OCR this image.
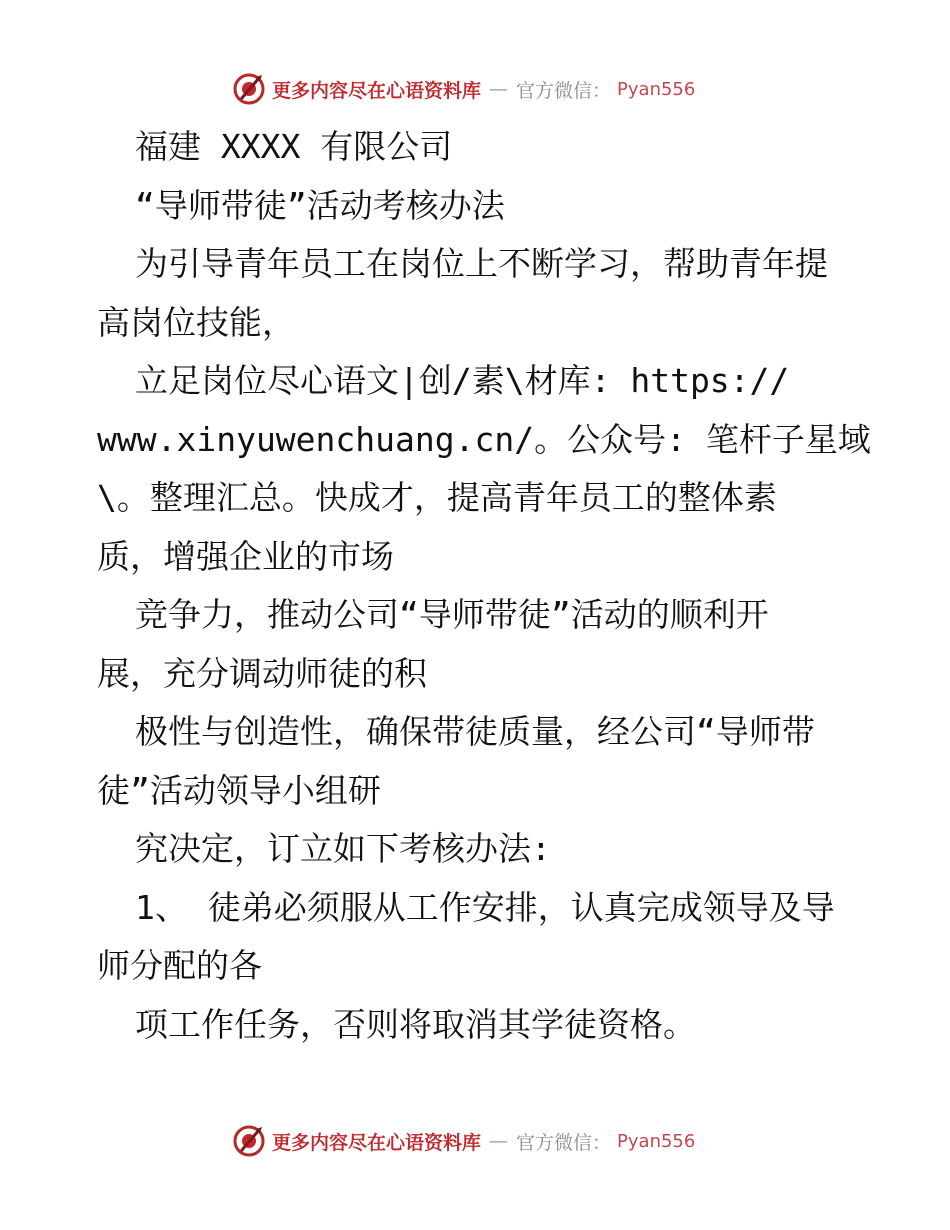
更多内容尽在心语资料库 — 官方微信： Pyan556
福建 XXXX 有限公司
“导师带徒”活动考核办法
为引导青年员工在岗位上不断学习，帮助青年提
高岗位技能，
立足岗位尽心语文|创/素\材库: https://
www.xinyuwenchuang.cn/。公众号: 笔杆子星域
\。整理汇总。快成才，提高青年员工的整体素
质，增强企业的市场
竞争力，推动公司“导师带徒”活动的顺利开
展，充分调动师徒的积
极性与创造性，确保带徒质量，经公司“导师带
徒”活动领导小组研
究决定，订立如下考核办法:
1、 徒弟必须服从工作安排，认真完成领导及导
师分配的各
项工作任务，否则将取消其学徒资格。
更多内容尽在心语资料库 — 官方微信： Pyan556
